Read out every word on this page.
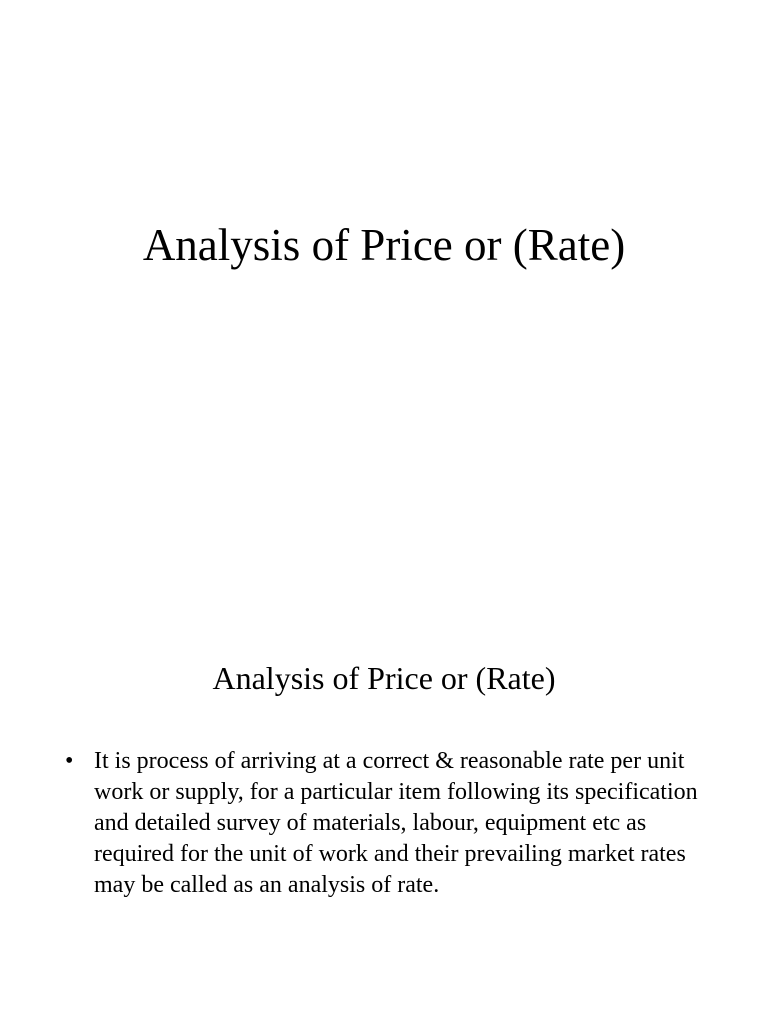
Analysis of Price or (Rate)
Analysis of Price or (Rate)
• It is process of arriving at a correct & reasonable rate per unit work or supply, for a particular item following its specification and detailed survey of materials, labour, equipment etc as required for the unit of work and their prevailing market rates may be called as an analysis of rate.
